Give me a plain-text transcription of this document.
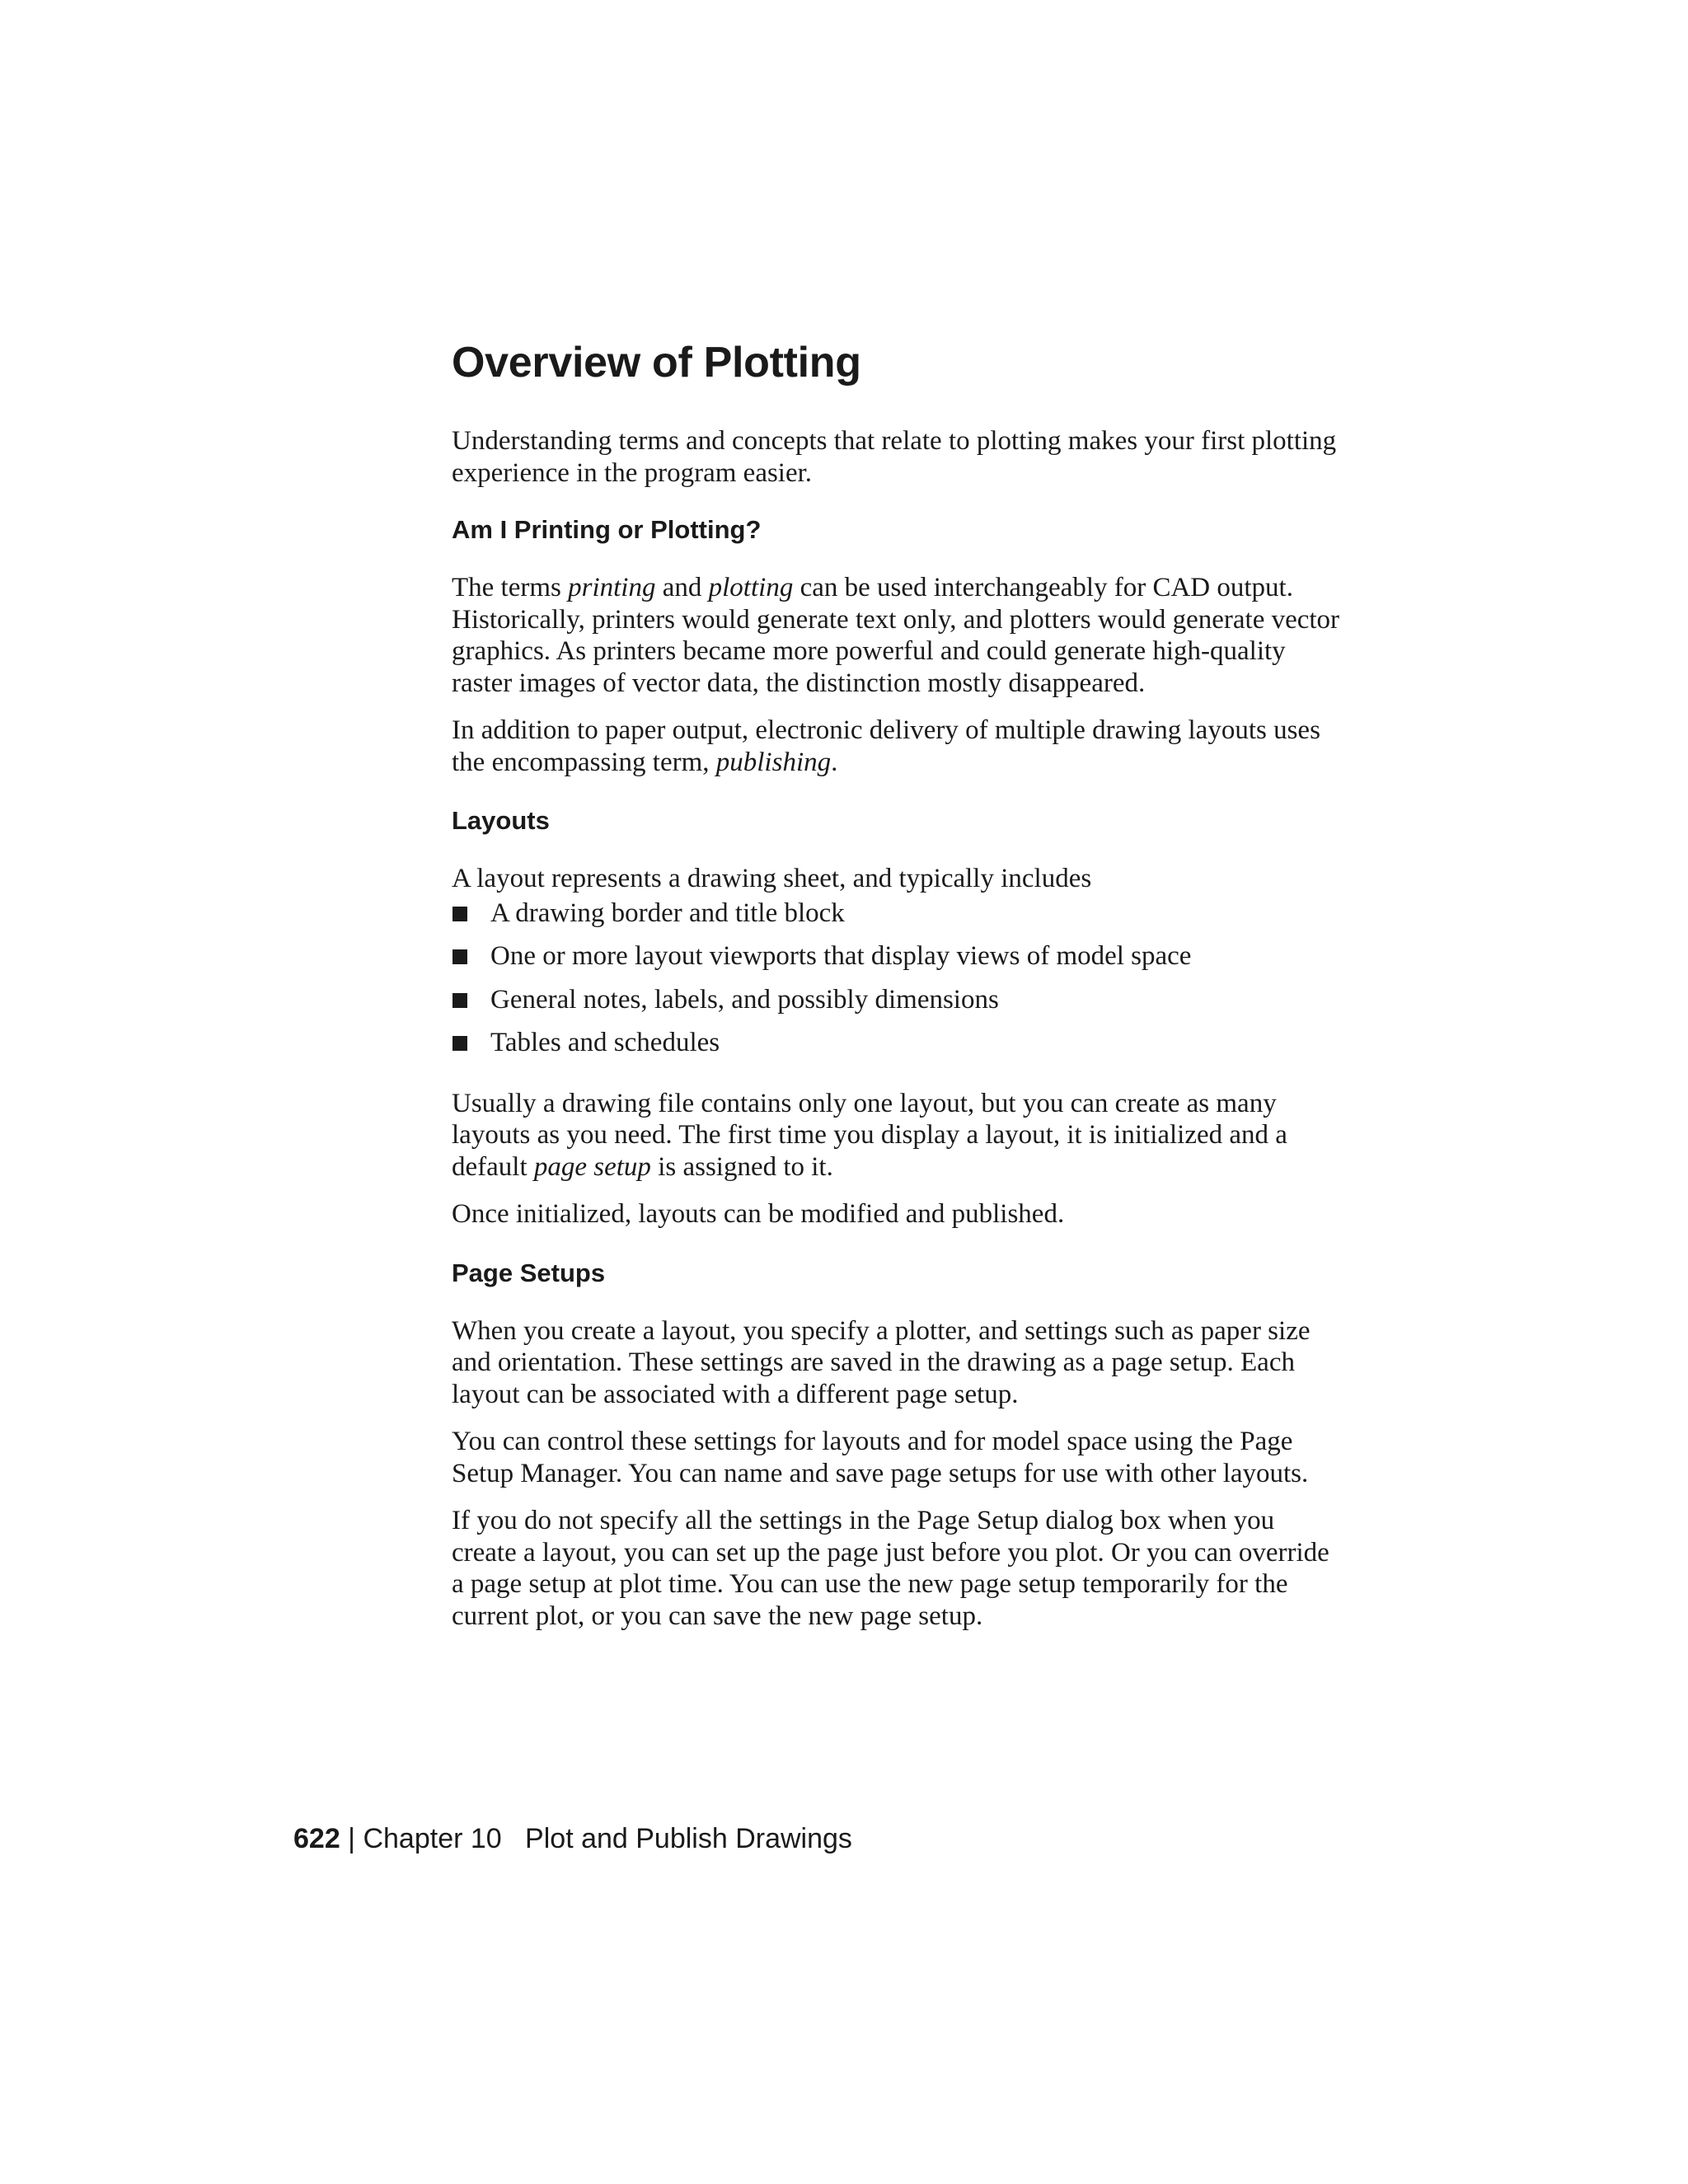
Overview of Plotting

Understanding terms and concepts that relate to plotting makes your first plotting experience in the program easier.

Am I Printing or Plotting?

The terms printing and plotting can be used interchangeably for CAD output. Historically, printers would generate text only, and plotters would generate vector graphics. As printers became more powerful and could generate high-quality raster images of vector data, the distinction mostly disappeared.

In addition to paper output, electronic delivery of multiple drawing layouts uses the encompassing term, publishing.

Layouts

A layout represents a drawing sheet, and typically includes

A drawing border and title block
One or more layout viewports that display views of model space
General notes, labels, and possibly dimensions
Tables and schedules

Usually a drawing file contains only one layout, but you can create as many layouts as you need. The first time you display a layout, it is initialized and a default page setup is assigned to it.

Once initialized, layouts can be modified and published.

Page Setups

When you create a layout, you specify a plotter, and settings such as paper size and orientation. These settings are saved in the drawing as a page setup. Each layout can be associated with a different page setup.

You can control these settings for layouts and for model space using the Page Setup Manager. You can name and save page setups for use with other layouts.

If you do not specify all the settings in the Page Setup dialog box when you create a layout, you can set up the page just before you plot. Or you can override a page setup at plot time. You can use the new page setup temporarily for the current plot, or you can save the new page setup.

622 | Chapter 10 Plot and Publish Drawings
